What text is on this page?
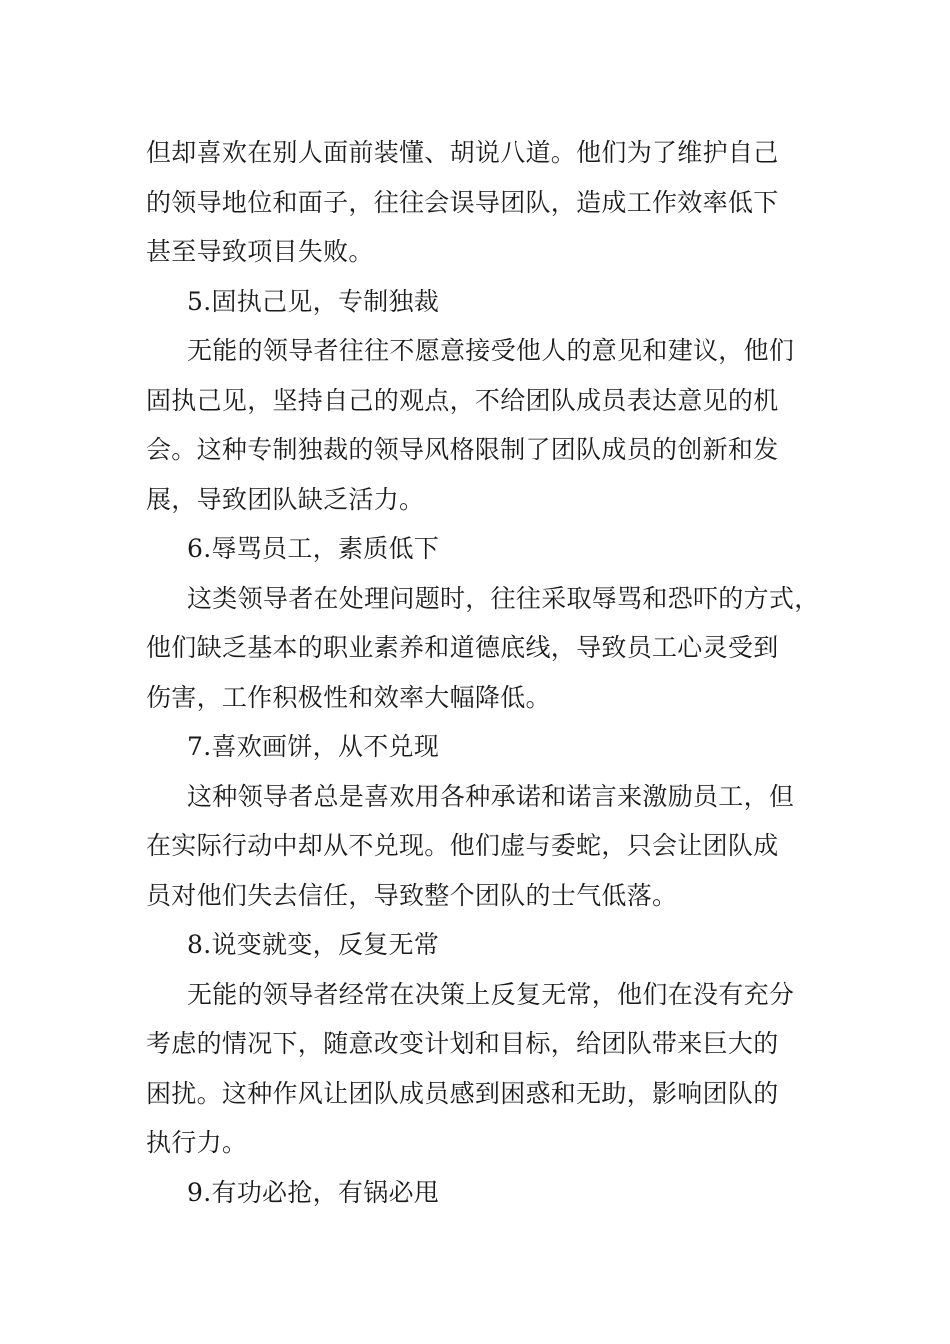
但却喜欢在别人面前装懂、胡说八道。他们为了维护自己
的领导地位和面子，往往会误导团队，造成工作效率低下
甚至导致项目失败。
5.固执己见，专制独裁
无能的领导者往往不愿意接受他人的意见和建议，他们
固执己见，坚持自己的观点，不给团队成员表达意见的机
会。这种专制独裁的领导风格限制了团队成员的创新和发
展，导致团队缺乏活力。
6.辱骂员工，素质低下
这类领导者在处理问题时，往往采取辱骂和恐吓的方式，
他们缺乏基本的职业素养和道德底线，导致员工心灵受到
伤害，工作积极性和效率大幅降低。
7.喜欢画饼，从不兑现
这种领导者总是喜欢用各种承诺和诺言来激励员工，但
在实际行动中却从不兑现。他们虚与委蛇，只会让团队成
员对他们失去信任，导致整个团队的士气低落。
8.说变就变，反复无常
无能的领导者经常在决策上反复无常，他们在没有充分
考虑的情况下，随意改变计划和目标，给团队带来巨大的
困扰。这种作风让团队成员感到困惑和无助，影响团队的
执行力。
9.有功必抢，有锅必甩
